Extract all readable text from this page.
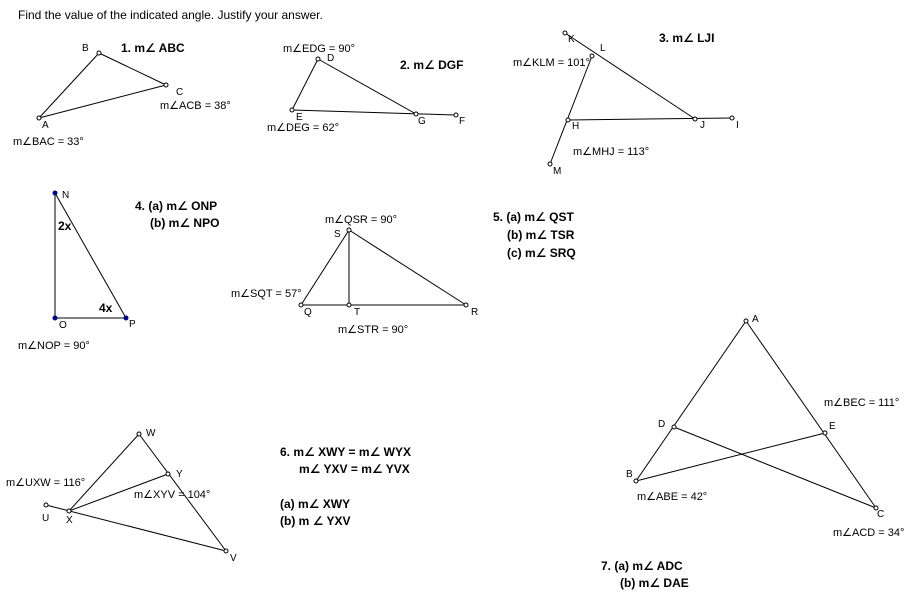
Find the value of the indicated angle. Justify your answer.
A
B
C
1. m∠ ABC
m∠ACB = 38°
m∠BAC = 33°
E
D
G	F
m∠EDG = 90°
2. m∠ DGF
m∠DEG = 62°
K
L
H	J	I
M
3. m∠ LJI
m∠KLM = 101°
m∠MHJ = 113°
N
O	P
2x
4x
4. (a) m∠ ONP
(b) m∠ NPO
m∠NOP = 90°
S
Q	T	R
m∠QSR = 90°
m∠SQT = 57°
m∠STR = 90°
5. (a) m∠ QST
(b) m∠ TSR
(c) m∠ SRQ
W
Y
U X
V
m∠UXW = 116°
m∠XYV = 104°
6. m∠ XWY = m∠ WYX
m∠ YXV = m∠ YVX
(a) m∠ XWY
(b) m ∠ YXV
A
D	E
B
C
m∠BEC = 111°
m∠ABE = 42°
m∠ACD = 34°
7. (a) m∠ ADC
(b) m∠ DAE
